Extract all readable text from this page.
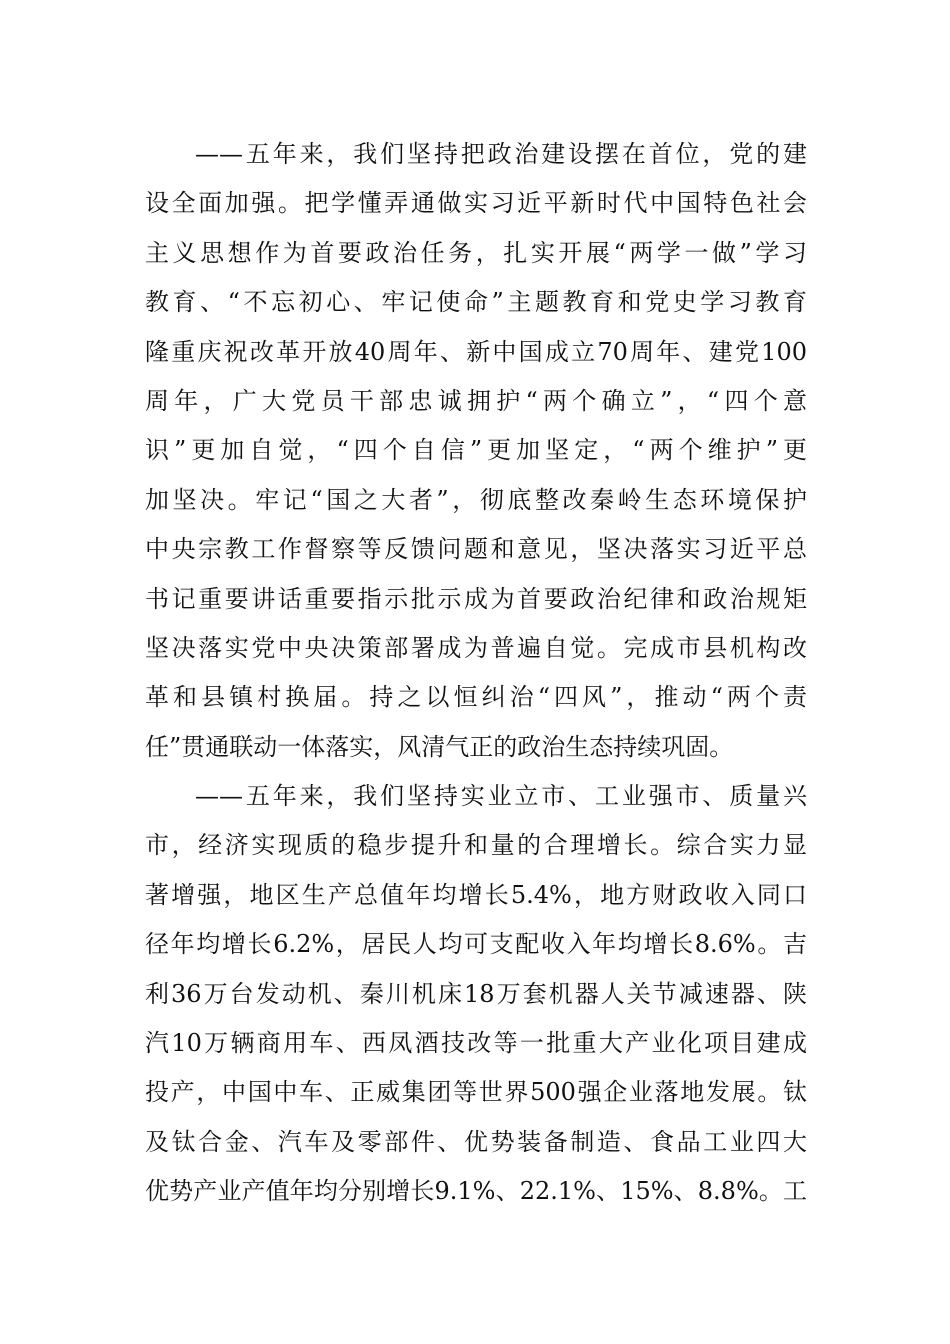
——五年来，我们坚持把政治建设摆在首位，党的建
设全面加强。把学懂弄通做实习近平新时代中国特色社会
主义思想作为首要政治任务，扎实开展“两学一做”学习
教育、“不忘初心、牢记使命”主题教育和党史学习教育
隆重庆祝改革开放40周年、新中国成立70周年、建党100
周年，广大党员干部忠诚拥护“两个确立”，“四个意
识”更加自觉，“四个自信”更加坚定，“两个维护”更
加坚决。牢记“国之大者”，彻底整改秦岭生态环境保护
中央宗教工作督察等反馈问题和意见，坚决落实习近平总
书记重要讲话重要指示批示成为首要政治纪律和政治规矩
坚决落实党中央决策部署成为普遍自觉。完成市县机构改
革和县镇村换届。持之以恒纠治“四风”，推动“两个责
任”贯通联动一体落实，风清气正的政治生态持续巩固。
——五年来，我们坚持实业立市、工业强市、质量兴
市，经济实现质的稳步提升和量的合理增长。综合实力显
著增强，地区生产总值年均增长5.4%，地方财政收入同口
径年均增长6.2%，居民人均可支配收入年均增长8.6%。吉
利36万台发动机、秦川机床18万套机器人关节减速器、陕
汽10万辆商用车、西凤酒技改等一批重大产业化项目建成
投产，中国中车、正威集团等世界500强企业落地发展。钛
及钛合金、汽车及零部件、优势装备制造、食品工业四大
优势产业产值年均分别增长9.1%、22.1%、15%、8.8%。工
